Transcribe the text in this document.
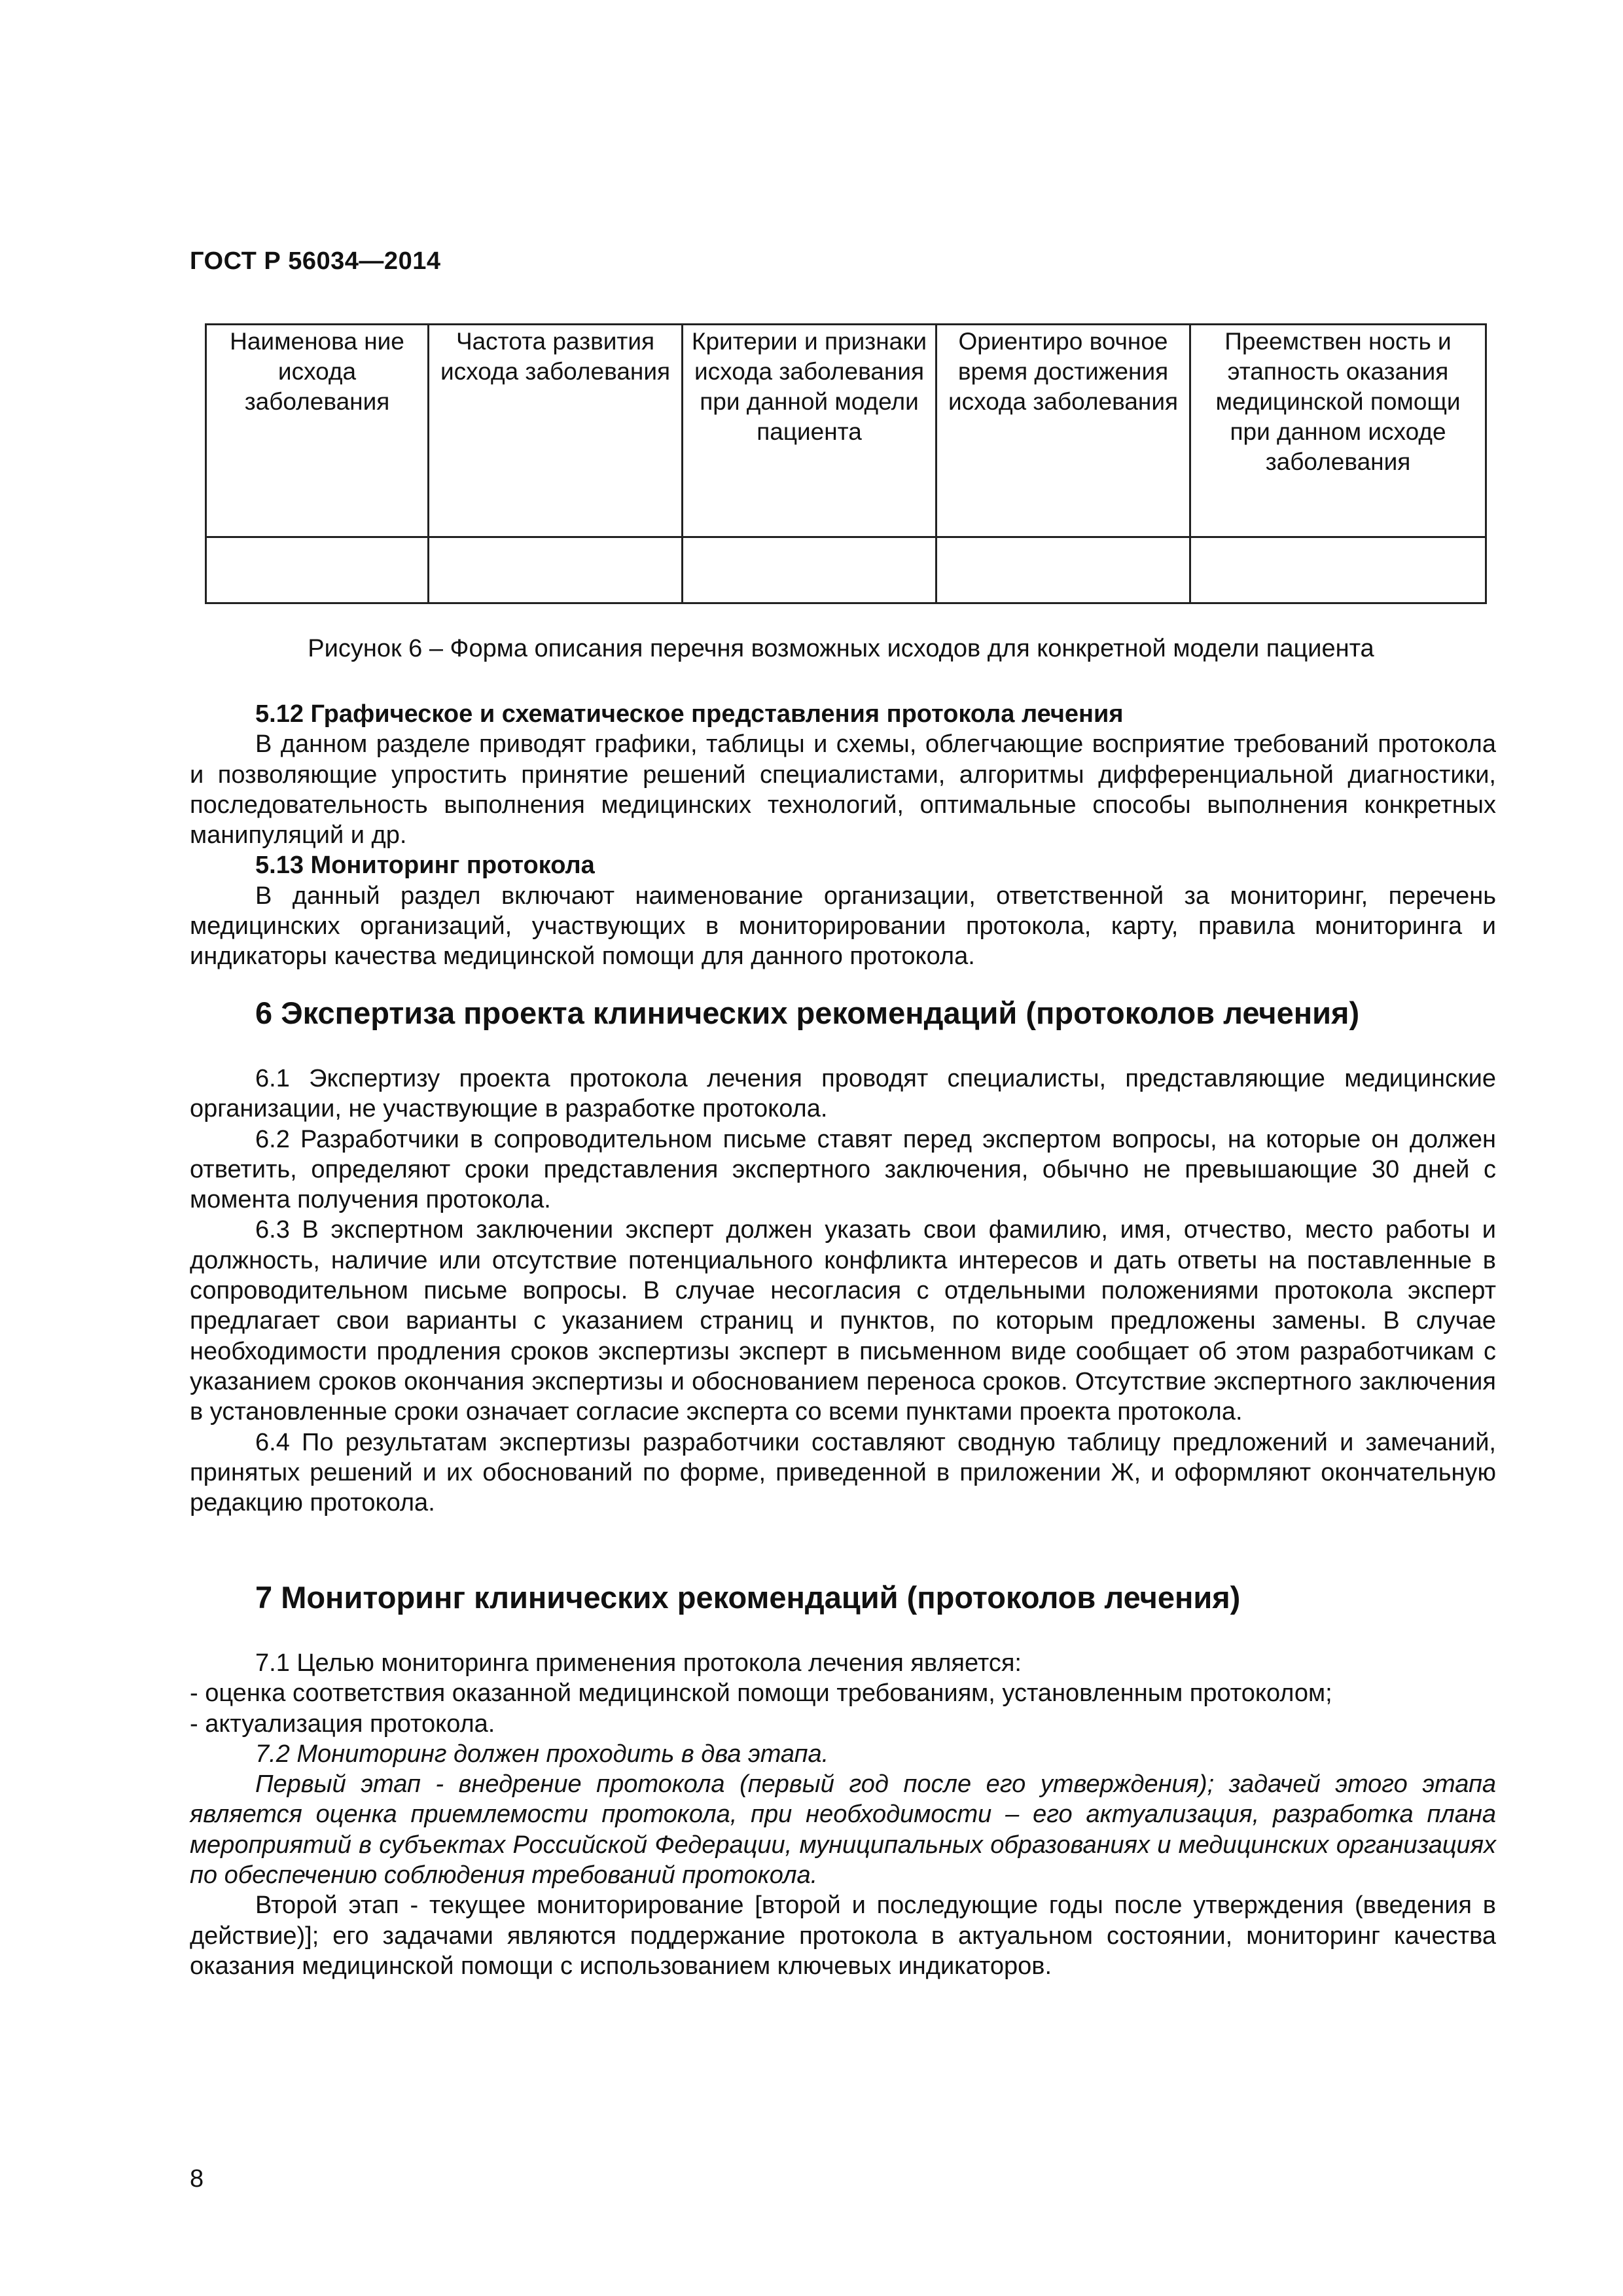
ГОСТ Р 56034—2014
Наименова ние исхода заболевания	Частота развития исхода заболевания	Критерии и признаки исхода заболевания при данной модели пациента	Ориентиро вочное время достижения исхода заболевания	Преемствен ность и этапность оказания медицинской помощи при данном исходе заболевания

Рисунок 6 – Форма описания перечня возможных исходов для конкретной модели пациента

5.12 Графическое и схематическое представления протокола лечения

В данном разделе приводят графики, таблицы и схемы, облегчающие восприятие требований протокола и позволяющие упростить принятие решений специалистами, алгоритмы дифференциальной диагностики, последовательность выполнения медицинских технологий, оптимальные способы выполнения конкретных манипуляций и др.

5.13 Мониторинг протокола

В данный раздел включают наименование организации, ответственной за мониторинг, перечень медицинских организаций, участвующих в мониторировании протокола, карту, правила мониторинга и индикаторы качества медицинской помощи для данного протокола.

6 Экспертиза проекта клинических рекомендаций (протоколов лечения)

6.1 Экспертизу проекта протокола лечения проводят специалисты, представляющие медицинские организации, не участвующие в разработке протокола.

6.2 Разработчики в сопроводительном письме ставят перед экспертом вопросы, на которые он должен ответить, определяют сроки представления экспертного заключения, обычно не превышающие 30 дней с момента получения протокола.

6.3 В экспертном заключении эксперт должен указать свои фамилию, имя, отчество, место работы и должность, наличие или отсутствие потенциального конфликта интересов и дать ответы на поставленные в сопроводительном письме вопросы. В случае несогласия с отдельными положениями протокола эксперт предлагает свои варианты с указанием страниц и пунктов, по которым предложены замены. В случае необходимости продления сроков экспертизы эксперт в письменном виде сообщает об этом разработчикам с указанием сроков окончания экспертизы и обоснованием переноса сроков. Отсутствие экспертного заключения в установленные сроки означает согласие эксперта со всеми пунктами проекта протокола.

6.4 По результатам экспертизы разработчики составляют сводную таблицу предложений и замечаний, принятых решений и их обоснований по форме, приведенной в приложении Ж, и оформляют окончательную редакцию протокола.

7 Мониторинг клинических рекомендаций (протоколов лечения)

7.1 Целью мониторинга применения протокола лечения является:

- оценка соответствия оказанной медицинской помощи требованиям, установленным протоколом;

- актуализация протокола.

7.2 Мониторинг должен проходить в два этапа.

Первый этап - внедрение протокола (первый год после его утверждения); задачей этого этапа является оценка приемлемости протокола, при необходимости – его актуализация, разработка плана мероприятий в субъектах Российской Федерации, муниципальных образованиях и медицинских организациях по обеспечению соблюдения требований протокола.

Второй этап - текущее мониторирование [второй и последующие годы после утверждения (введения в действие)]; его задачами являются поддержание протокола в актуальном состоянии, мониторинг качества оказания медицинской помощи с использованием ключевых индикаторов.

8
